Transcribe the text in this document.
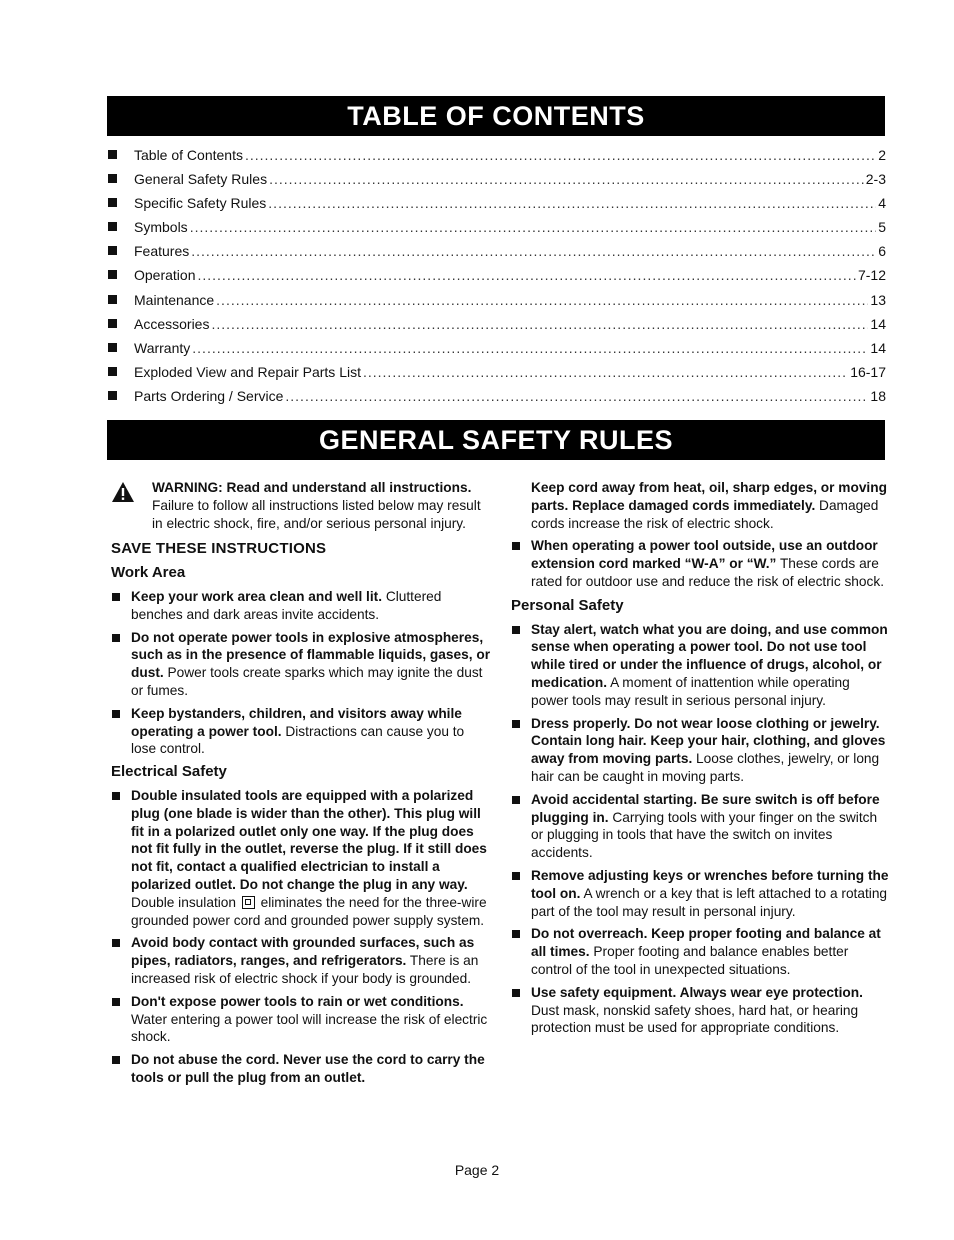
TABLE OF CONTENTS
Table of Contents .....	2
General Safety Rules .....	2-3
Specific Safety Rules .....	4
Symbols .....	5
Features .....	6
Operation .....	7-12
Maintenance .....	13
Accessories .....	14
Warranty .....	14
Exploded View and Repair Parts List .....	16-17
Parts Ordering / Service .....	18
GENERAL SAFETY RULES
WARNING: Read and understand all instructions. Failure to follow all instructions listed below may result in electric shock, fire, and/or serious personal injury.
SAVE THESE INSTRUCTIONS
Work Area
Keep your work area clean and well lit. Cluttered benches and dark areas invite accidents.
Do not operate power tools in explosive atmospheres, such as in the presence of flammable liquids, gases, or dust. Power tools create sparks which may ignite the dust or fumes.
Keep bystanders, children, and visitors away while operating a power tool. Distractions can cause you to lose control.
Electrical Safety
Double insulated tools are equipped with a polarized plug (one blade is wider than the other). This plug will fit in a polarized outlet only one way. If the plug does not fit fully in the outlet, reverse the plug. If it still does not fit, contact a qualified electrician to install a polarized outlet. Do not change the plug in any way. Double insulation  eliminates the need for the three-wire grounded power cord and grounded power supply system.
Avoid body contact with grounded surfaces, such as pipes, radiators, ranges, and refrigerators. There is an increased risk of electric shock if your body is grounded.
Don't expose power tools to rain or wet conditions. Water entering a power tool will increase the risk of electric shock.
Do not abuse the cord. Never use the cord to carry the tools or pull the plug from an outlet.
Keep cord away from heat, oil, sharp edges, or moving parts. Replace damaged cords immediately. Damaged cords increase the risk of electric shock.
When operating a power tool outside, use an outdoor extension cord marked “W-A” or “W.” These cords are rated for outdoor use and reduce the risk of electric shock.
Personal Safety
Stay alert, watch what you are doing, and use common sense when operating a power tool. Do not use tool while tired or under the influence of drugs, alcohol, or medication. A moment of inattention while operating power tools may result in serious personal injury.
Dress properly. Do not wear loose clothing or jewelry. Contain long hair. Keep your hair, clothing, and gloves away from moving parts. Loose clothes, jewelry, or long hair can be caught in moving parts.
Avoid accidental starting. Be sure switch is off before plugging in. Carrying tools with your finger on the switch or plugging in tools that have the switch on invites accidents.
Remove adjusting keys or wrenches before turning the tool on. A wrench or a key that is left attached to a rotating part of the tool may result in personal injury.
Do not overreach. Keep proper footing and balance at all times. Proper footing and balance enables better control of the tool in unexpected situations.
Use safety equipment. Always wear eye protection. Dust mask, nonskid safety shoes, hard hat, or hearing protection must be used for appropriate conditions.
Page 2
